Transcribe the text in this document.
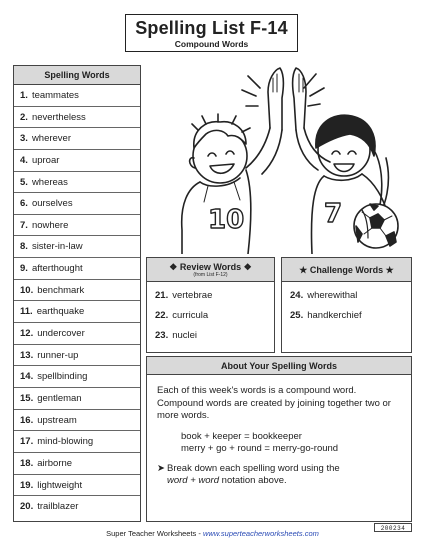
Spelling List F-14
Compound Words
10	7
Spelling Words
1. teammates
2. nevertheless
3. wherever
4. uproar
5. whereas
6. ourselves
7. nowhere
8. sister-in-law
9. afterthought
10. benchmark
11. earthquake
12. undercover
13. runner-up
14. spellbinding
15. gentleman
16. upstream
17. mind-blowing
18. airborne
19. lightweight
20. trailblazer
❖ Review Words ❖
(from List F-12)
21. vertebrae
22. curricula
23. nuclei
★ Challenge Words ★
24. wherewithal
25. handkerchief
About Your Spelling Words

Each of this week's words is a compound word. Compound words are created by joining together two or more words.

book + keeper = bookkeeper
merry + go + round = merry-go-round
➤ Break down each spelling word using the
word + word notation above.
Super Teacher Worksheets - www.superteacherworksheets.com
200234
